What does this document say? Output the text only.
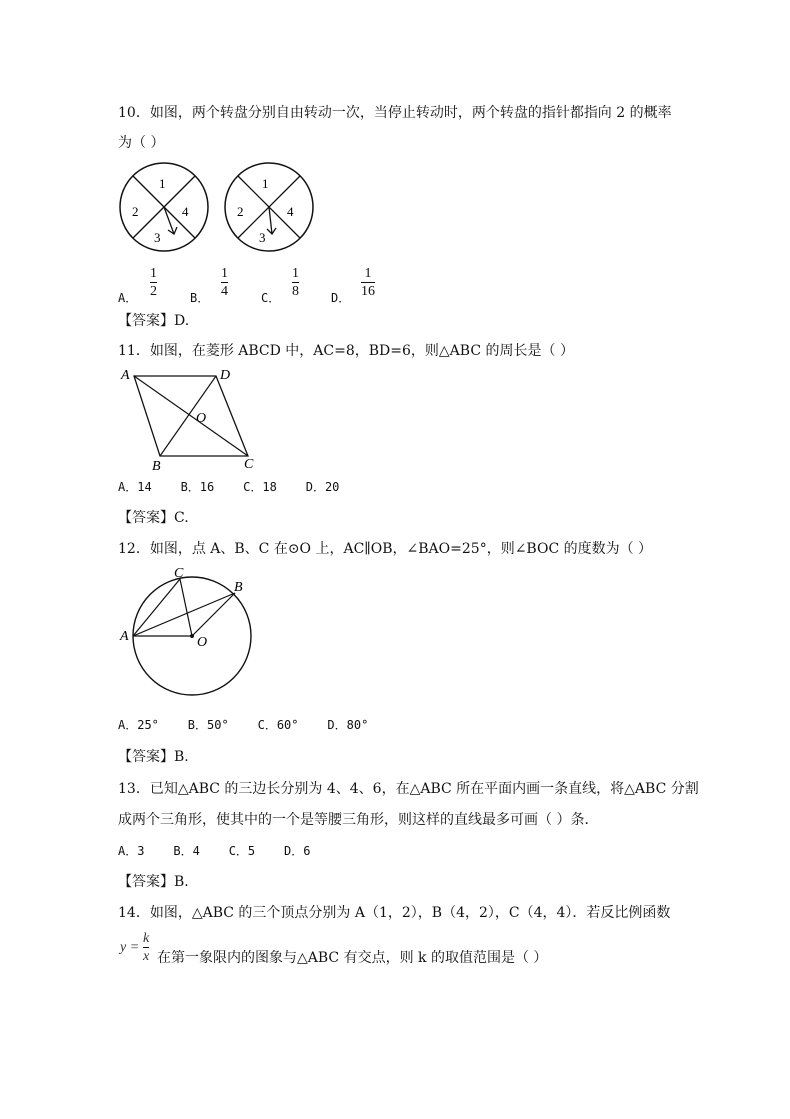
10．如图，两个转盘分别自由转动一次，当停止转动时，两个转盘的指针都指向 2 的概率
为（ ）
1
2	4
3
1
2	4
3
A．
1
2	B．
1
4	C．
1
8	D．
1
16
【答案】D.
11．如图，在菱形 ABCD 中，AC=8，BD=6，则△ABC 的周长是（ ）
A	D
O
B	C
A．14    B．16    C．18    D．20
【答案】C.
12．如图，点 A、B、C 在⊙O 上，AC∥OB，∠BAO=25°，则∠BOC 的度数为（ ）
A
C
B
O
A．25°    B．50°    C．60°    D．80°
【答案】B.
13．已知△ABC 的三边长分别为 4、4、6，在△ABC 所在平面内画一条直线，将△ABC 分割
成两个三角形，使其中的一个是等腰三角形，则这样的直线最多可画（ ）条．
A．3    B．4    C．5    D．6
【答案】B.
14．如图，△ABC 的三个顶点分别为 A（1，2），B（4，2），C（4，4）．若反比例函数
y =
k
x 在第一象限内的图象与△ABC 有交点，则 k 的取值范围是（ ）
